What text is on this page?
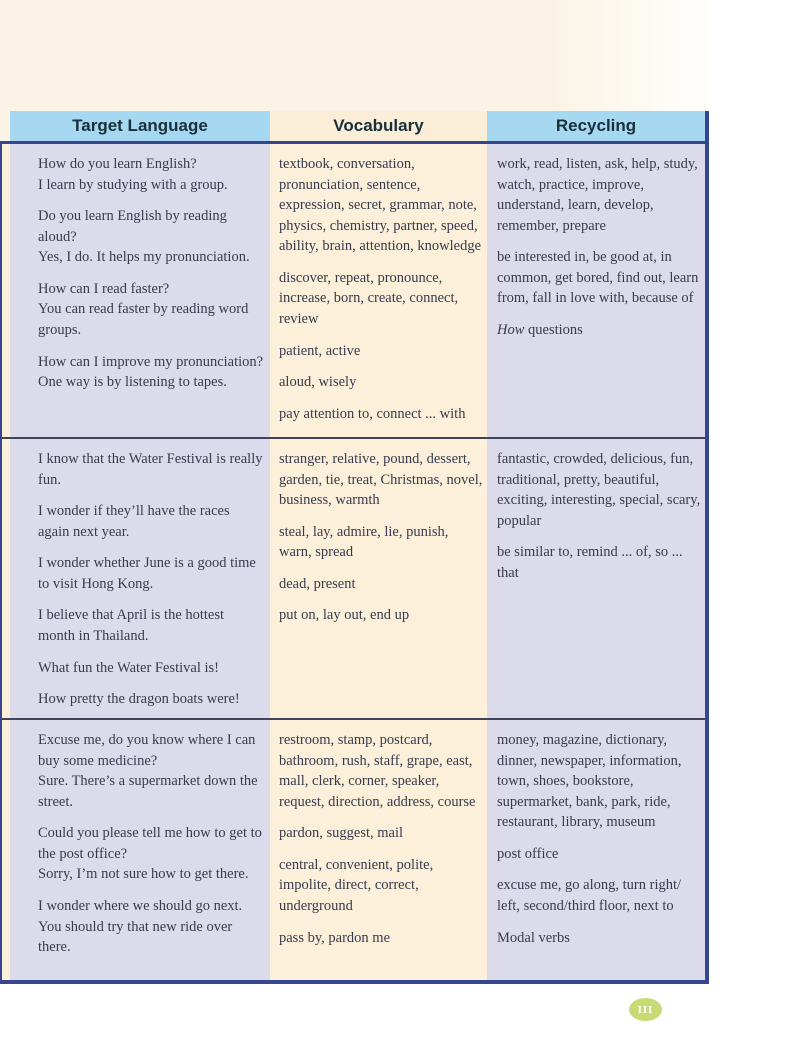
Target Language	Vocabulary	Recycling

How do you learn English?
I learn by studying with a group.

Do you learn English by reading aloud?
Yes, I do. It helps my pronunciation.

How can I read faster?
You can read faster by reading word groups.

How can I improve my pronunciation?
One way is by listening to tapes.

textbook, conversation, pronunciation, sentence, expression, secret, grammar, note, physics, chemistry, partner, speed, ability, brain, attention, knowledge

discover, repeat, pronounce, increase, born, create, connect, review

patient, active

aloud, wisely

pay attention to, connect ... with

work, read, listen, ask, help, study, watch, practice, improve, understand, learn, develop, remember, prepare

be interested in, be good at, in common, get bored, find out, learn from, fall in love with, because of

How questions

I know that the Water Festival is really fun.

I wonder if they’ll have the races again next year.

I wonder whether June is a good time to visit Hong Kong.

I believe that April is the hottest month in Thailand.

What fun the Water Festival is!

How pretty the dragon boats were!

stranger, relative, pound, dessert, garden, tie, treat, Christmas, novel, business, warmth

steal, lay, admire, lie, punish, warn, spread

dead, present

put on, lay out, end up

fantastic, crowded, delicious, fun, traditional, pretty, beautiful, exciting, interesting, special, scary, popular

be similar to, remind ... of, so ... that

Excuse me, do you know where I can buy some medicine?
Sure. There’s a supermarket down the street.

Could you please tell me how to get to the post office?
Sorry, I’m not sure how to get there.

I wonder where we should go next.
You should try that new ride over there.

restroom, stamp, postcard, bathroom, rush, staff, grape, east, mall, clerk, corner, speaker, request, direction, address, course

pardon, suggest, mail

central, convenient, polite, impolite, direct, correct, underground

pass by, pardon me

money, magazine, dictionary, dinner, newspaper, information, town, shoes, bookstore, supermarket, bank, park, ride, restaurant, library, museum

post office

excuse me, go along, turn right/ left, second/third floor, next to

Modal verbs

III
